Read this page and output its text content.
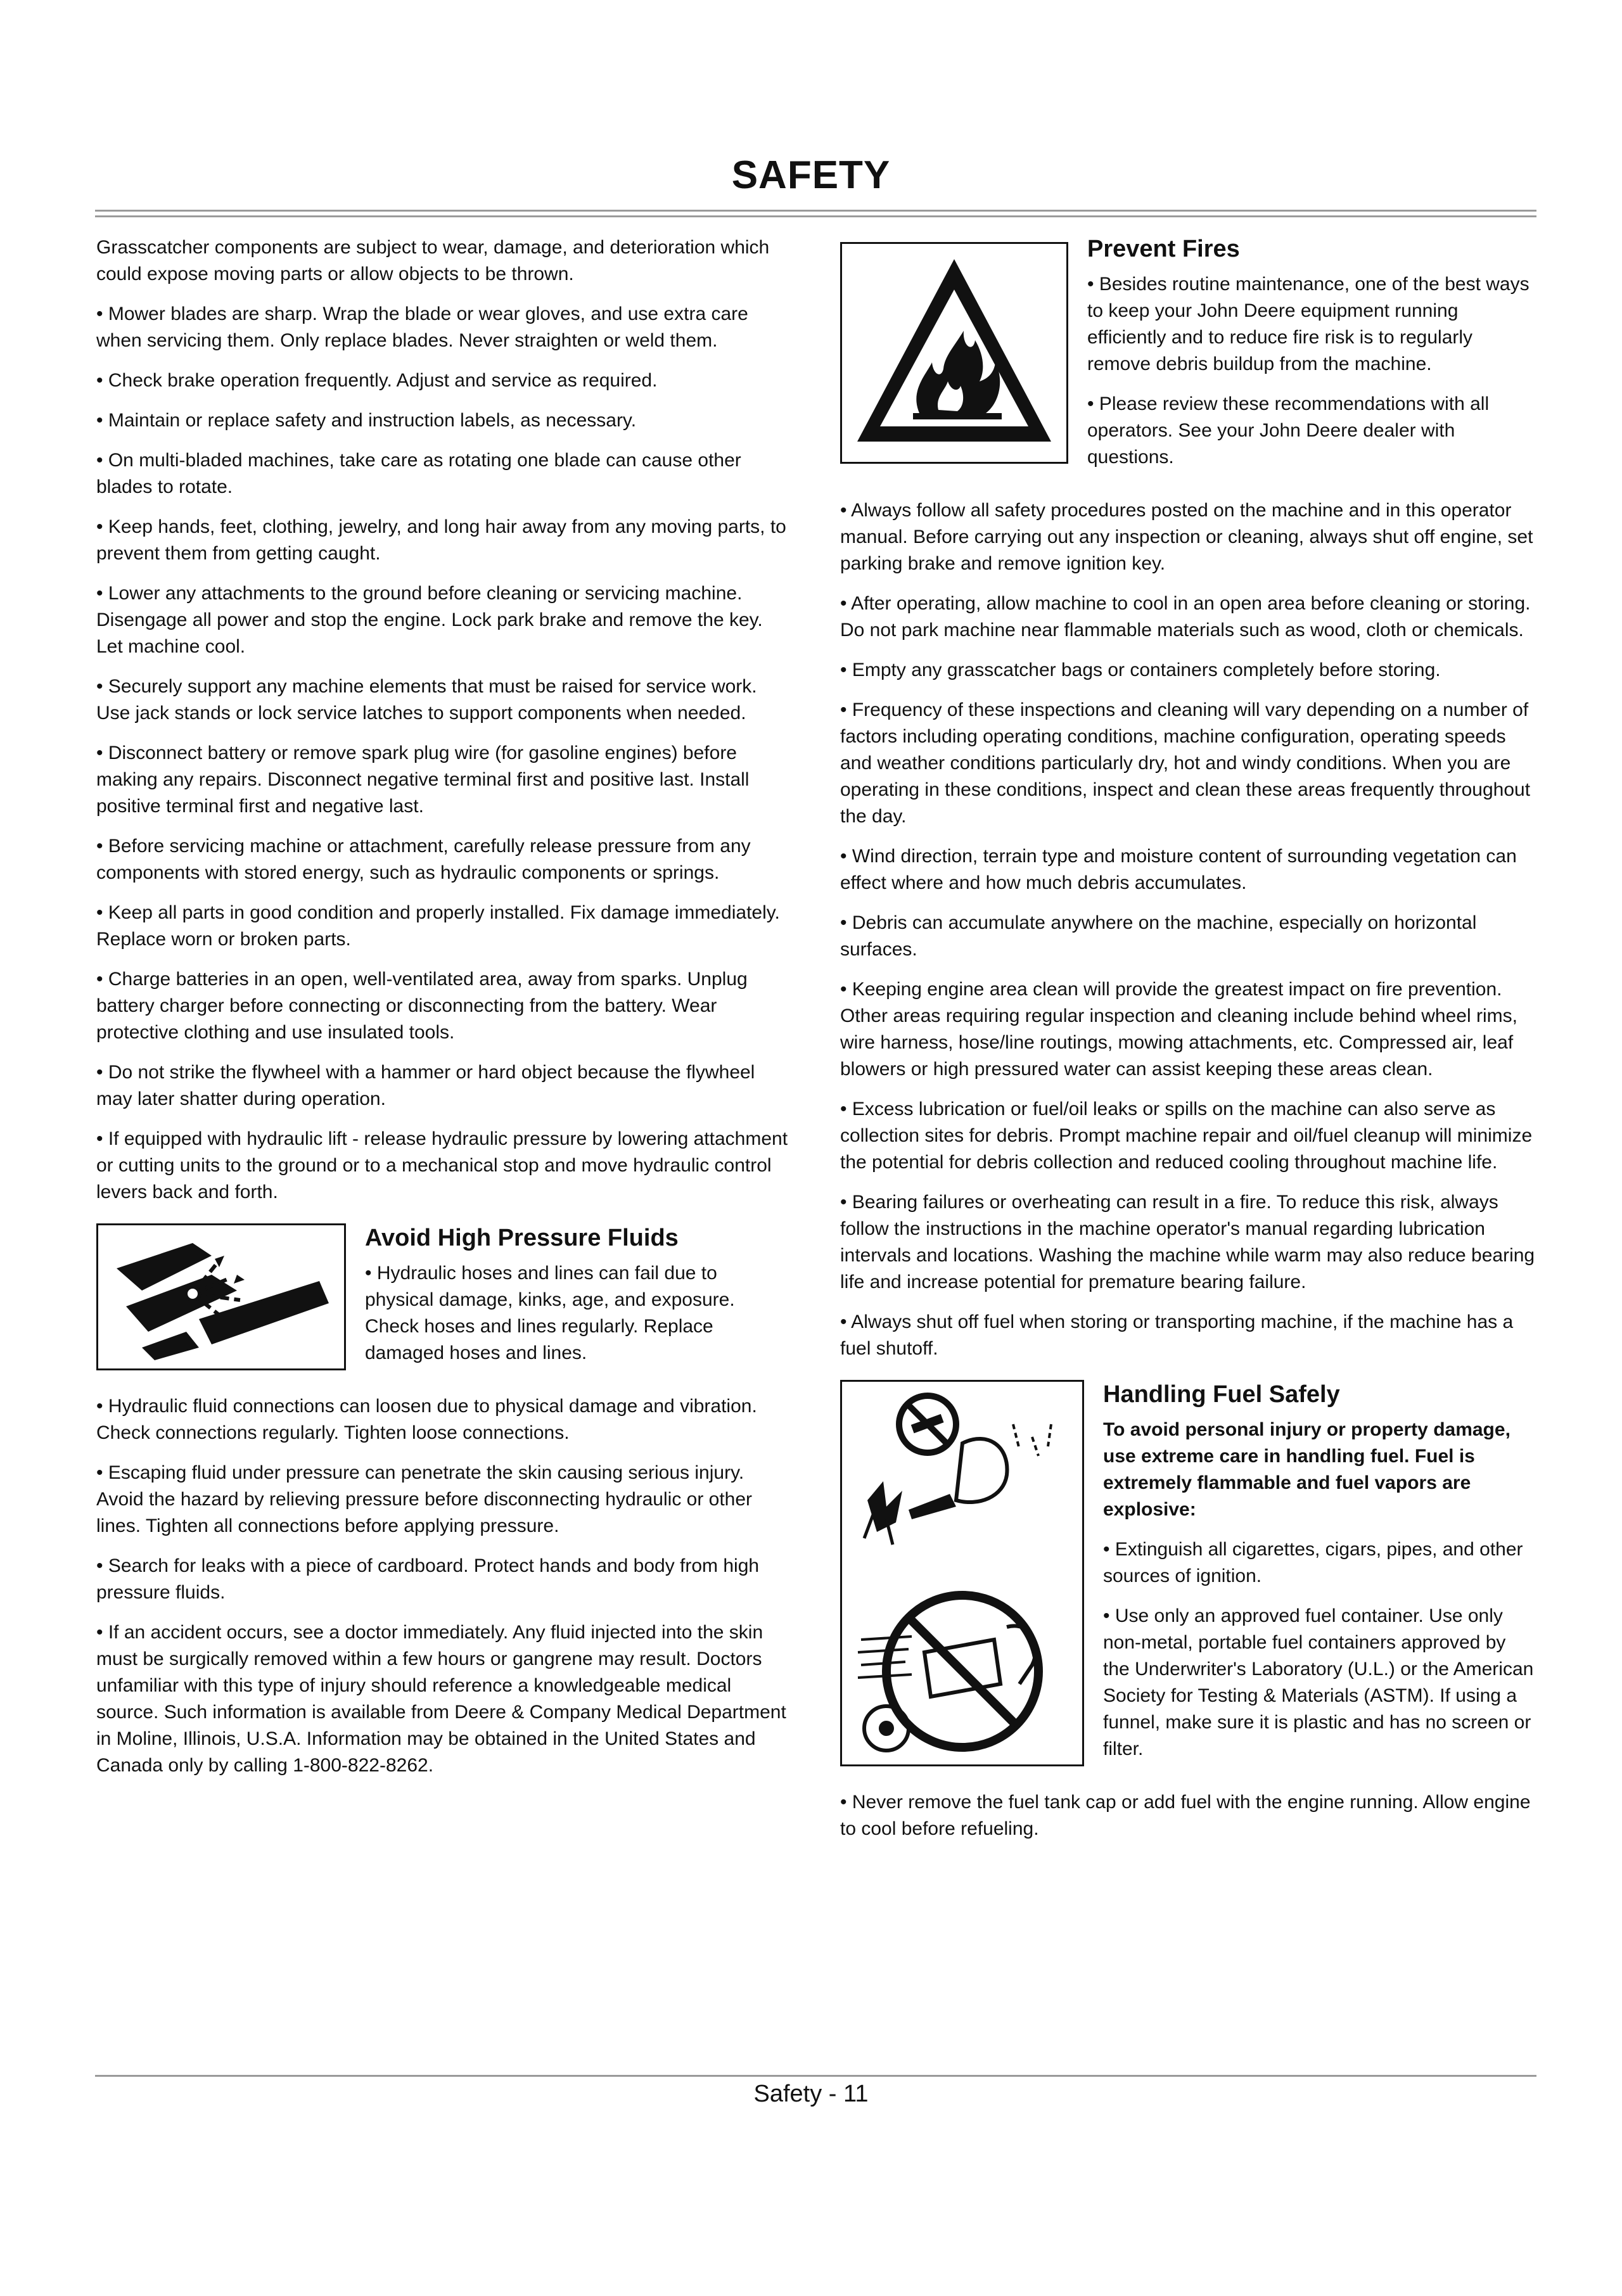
SAFETY

Grasscatcher components are subject to wear, damage, and deterioration which could expose moving parts or allow objects to be thrown.

• Mower blades are sharp. Wrap the blade or wear gloves, and use extra care when servicing them. Only replace blades. Never straighten or weld them.

• Check brake operation frequently. Adjust and service as required.

• Maintain or replace safety and instruction labels, as necessary.

• On multi-bladed machines, take care as rotating one blade can cause other blades to rotate.

• Keep hands, feet, clothing, jewelry, and long hair away from any moving parts, to prevent them from getting caught.

• Lower any attachments to the ground before cleaning or servicing machine. Disengage all power and stop the engine. Lock park brake and remove the key. Let machine cool.

• Securely support any machine elements that must be raised for service work. Use jack stands or lock service latches to support components when needed.

• Disconnect battery or remove spark plug wire (for gasoline engines) before making any repairs. Disconnect negative terminal first and positive last. Install positive terminal first and negative last.

• Before servicing machine or attachment, carefully release pressure from any components with stored energy, such as hydraulic components or springs.

• Keep all parts in good condition and properly installed. Fix damage immediately. Replace worn or broken parts.

• Charge batteries in an open, well-ventilated area, away from sparks. Unplug battery charger before connecting or disconnecting from the battery. Wear protective clothing and use insulated tools.

• Do not strike the flywheel with a hammer or hard object because the flywheel may later shatter during operation.

• If equipped with hydraulic lift - release hydraulic pressure by lowering attachment or cutting units to the ground or to a mechanical stop and move hydraulic control levers back and forth.

Avoid High Pressure Fluids

• Hydraulic hoses and lines can fail due to physical damage, kinks, age, and exposure. Check hoses and lines regularly. Replace damaged hoses and lines.

• Hydraulic fluid connections can loosen due to physical damage and vibration. Check connections regularly. Tighten loose connections.

• Escaping fluid under pressure can penetrate the skin causing serious injury. Avoid the hazard by relieving pressure before disconnecting hydraulic or other lines. Tighten all connections before applying pressure.

• Search for leaks with a piece of cardboard. Protect hands and body from high pressure fluids.

• If an accident occurs, see a doctor immediately. Any fluid injected into the skin must be surgically removed within a few hours or gangrene may result. Doctors unfamiliar with this type of injury should reference a knowledgeable medical source. Such information is available from Deere & Company Medical Department in Moline, Illinois, U.S.A. Information may be obtained in the United States and Canada only by calling 1-800-822-8262.

Prevent Fires

• Besides routine maintenance, one of the best ways to keep your John Deere equipment running efficiently and to reduce fire risk is to regularly remove debris buildup from the machine.

• Please review these recommendations with all operators. See your John Deere dealer with questions.

• Always follow all safety procedures posted on the machine and in this operator manual. Before carrying out any inspection or cleaning, always shut off engine, set parking brake and remove ignition key.

• After operating, allow machine to cool in an open area before cleaning or storing. Do not park machine near flammable materials such as wood, cloth or chemicals.

• Empty any grasscatcher bags or containers completely before storing.

• Frequency of these inspections and cleaning will vary depending on a number of factors including operating conditions, machine configuration, operating speeds and weather conditions particularly dry, hot and windy conditions. When you are operating in these conditions, inspect and clean these areas frequently throughout the day.

• Wind direction, terrain type and moisture content of surrounding vegetation can effect where and how much debris accumulates.

• Debris can accumulate anywhere on the machine, especially on horizontal surfaces.

• Keeping engine area clean will provide the greatest impact on fire prevention. Other areas requiring regular inspection and cleaning include behind wheel rims, wire harness, hose/line routings, mowing attachments, etc. Compressed air, leaf blowers or high pressured water can assist keeping these areas clean.

• Excess lubrication or fuel/oil leaks or spills on the machine can also serve as collection sites for debris. Prompt machine repair and oil/fuel cleanup will minimize the potential for debris collection and reduced cooling throughout machine life.

• Bearing failures or overheating can result in a fire. To reduce this risk, always follow the instructions in the machine operator's manual regarding lubrication intervals and locations. Washing the machine while warm may also reduce bearing life and increase potential for premature bearing failure.

• Always shut off fuel when storing or transporting machine, if the machine has a fuel shutoff.

Handling Fuel Safely

To avoid personal injury or property damage, use extreme care in handling fuel. Fuel is extremely flammable and fuel vapors are explosive:

• Extinguish all cigarettes, cigars, pipes, and other sources of ignition.

• Use only an approved fuel container. Use only non-metal, portable fuel containers approved by the Underwriter's Laboratory (U.L.) or the American Society for Testing & Materials (ASTM). If using a funnel, make sure it is plastic and has no screen or filter.

• Never remove the fuel tank cap or add fuel with the engine running. Allow engine to cool before refueling.

Safety - 11
